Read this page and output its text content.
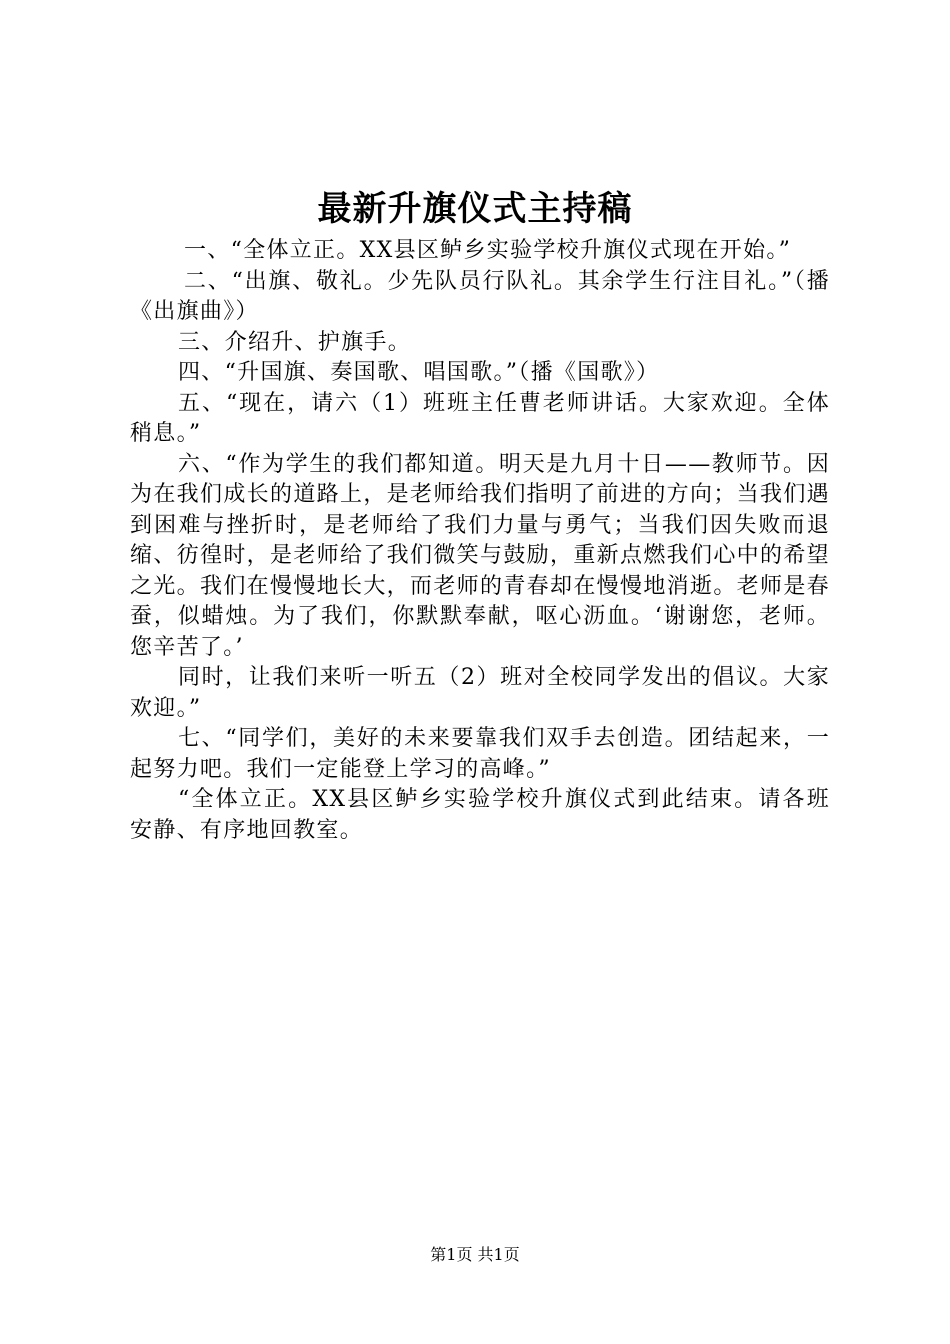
最新升旗仪式主持稿

一、“全体立正。XX县区鲈乡实验学校升旗仪式现在开始。”

二、“出旗、敬礼。少先队员行队礼。其余学生行注目礼。”（播《出旗曲》）

三、介绍升、护旗手。

四、“升国旗、奏国歌、唱国歌。”（播《国歌》）

五、“现在，请六（1）班班主任曹老师讲话。大家欢迎。全体稍息。”

六、“作为学生的我们都知道。明天是九月十日——教师节。因为在我们成长的道路上，是老师给我们指明了前进的方向；当我们遇到困难与挫折时，是老师给了我们力量与勇气；当我们因失败而退缩、彷徨时，是老师给了我们微笑与鼓励，重新点燃我们心中的希望之光。我们在慢慢地长大，而老师的青春却在慢慢地消逝。老师是春蚕，似蜡烛。为了我们，你默默奉献，呕心沥血。‘谢谢您，老师。您辛苦了。’

同时，让我们来听一听五（2）班对全校同学发出的倡议。大家欢迎。”

七、“同学们，美好的未来要靠我们双手去创造。团结起来，一起努力吧。我们一定能登上学习的高峰。”

“全体立正。XX县区鲈乡实验学校升旗仪式到此结束。请各班安静、有序地回教室。

第1页 共1页
